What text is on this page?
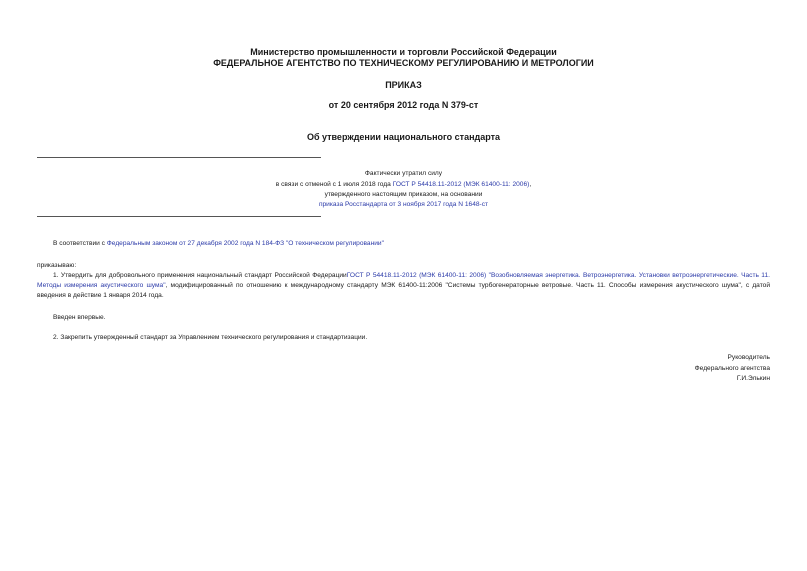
Министерство промышленности и торговли Российской Федерации
ФЕДЕРАЛЬНОЕ АГЕНТСТВО ПО ТЕХНИЧЕСКОМУ РЕГУЛИРОВАНИЮ И МЕТРОЛОГИИ
ПРИКАЗ
от 20 сентября 2012 года N 379-ст
Об утверждении национального стандарта
Фактически утратил силу
в связи с отменой с 1 июля 2018 года ГОСТ Р 54418.11-2012 (МЭК 61400-11: 2006),
утвержденного настоящим приказом, на основании
приказа Росстандарта от 3 ноября 2017 года N 1648-ст
В соответствии с Федеральным законом от 27 декабря 2002 года N 184-ФЗ "О техническом регулировании"
приказываю:
1. Утвердить для добровольного применения национальный стандарт Российской ФедерацииГОСТ Р 54418.11-2012 (МЭК 61400-11: 2006) "Возобновляемая энергетика. Ветроэнергетика. Установки ветроэнергетические. Часть 11. Методы измерения акустического шума", модифицированный по отношению к международному стандарту МЭК 61400-11:2006 "Системы турбогенераторные ветровые. Часть 11. Способы измерения акустического шума", с датой введения в действие 1 января 2014 года.
Введен впервые.
2. Закрепить утвержденный стандарт за Управлением технического регулирования и стандартизации.
Руководитель
Федерального агентства
Г.И.Элькин
